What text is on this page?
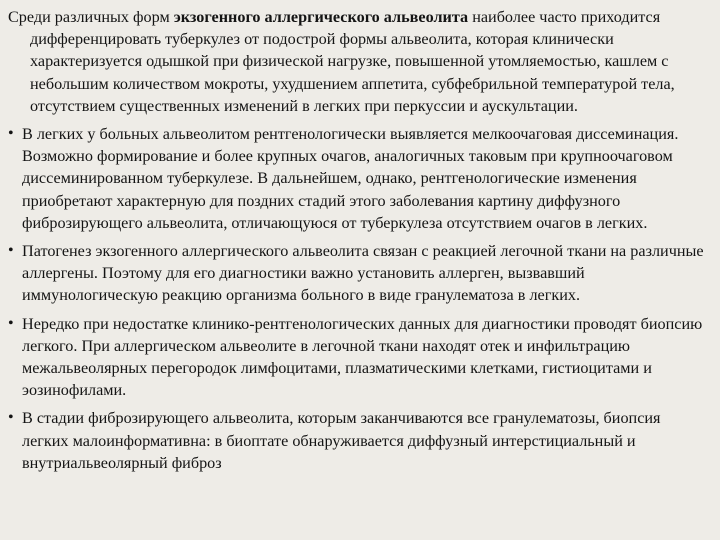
Среди различных форм экзогенного аллергического альвеолита наиболее часто приходится дифференцировать туберкулез от подострой формы альвеолита, которая клинически характеризуется одышкой при физической нагрузке, повышенной утомляемостью, кашлем с небольшим количеством мокроты, ухудшением аппетита, субфебрильной температурой тела, отсутствием существенных изменений в легких при перкуссии и аускультации.

• В легких у больных альвеолитом рентгенологически выявляется мелкоочаговая диссеминация. Возможно формирование и более крупных очагов, аналогичных таковым при крупноочаговом диссеминированном туберкулезе. В дальнейшем, однако, рентгенологические изменения приобретают характерную для поздних стадий этого заболевания картину диффузного фиброзирующего альвеолита, отличающуюся от туберкулеза отсутствием очагов в легких.
• Патогенез экзогенного аллергического альвеолита связан с реакцией легочной ткани на различные аллергены. Поэтому для его диагностики важно установить аллерген, вызвавший иммунологическую реакцию организма больного в виде гранулематоза в легких.
• Нередко при недостатке клинико-рентгенологических данных для диагностики проводят биопсию легкого. При аллергическом альвеолите в легочной ткани находят отек и инфильтрацию межальвеолярных перегородок лимфоцитами, плазматическими клетками, гистиоцитами и эозинофилами.
• В стадии фиброзирующего альвеолита, которым заканчиваются все гранулематозы, биопсия легких малоинформативна: в биоптате обнаруживается диффузный интерстициальный и внутриальвеолярный фиброз
